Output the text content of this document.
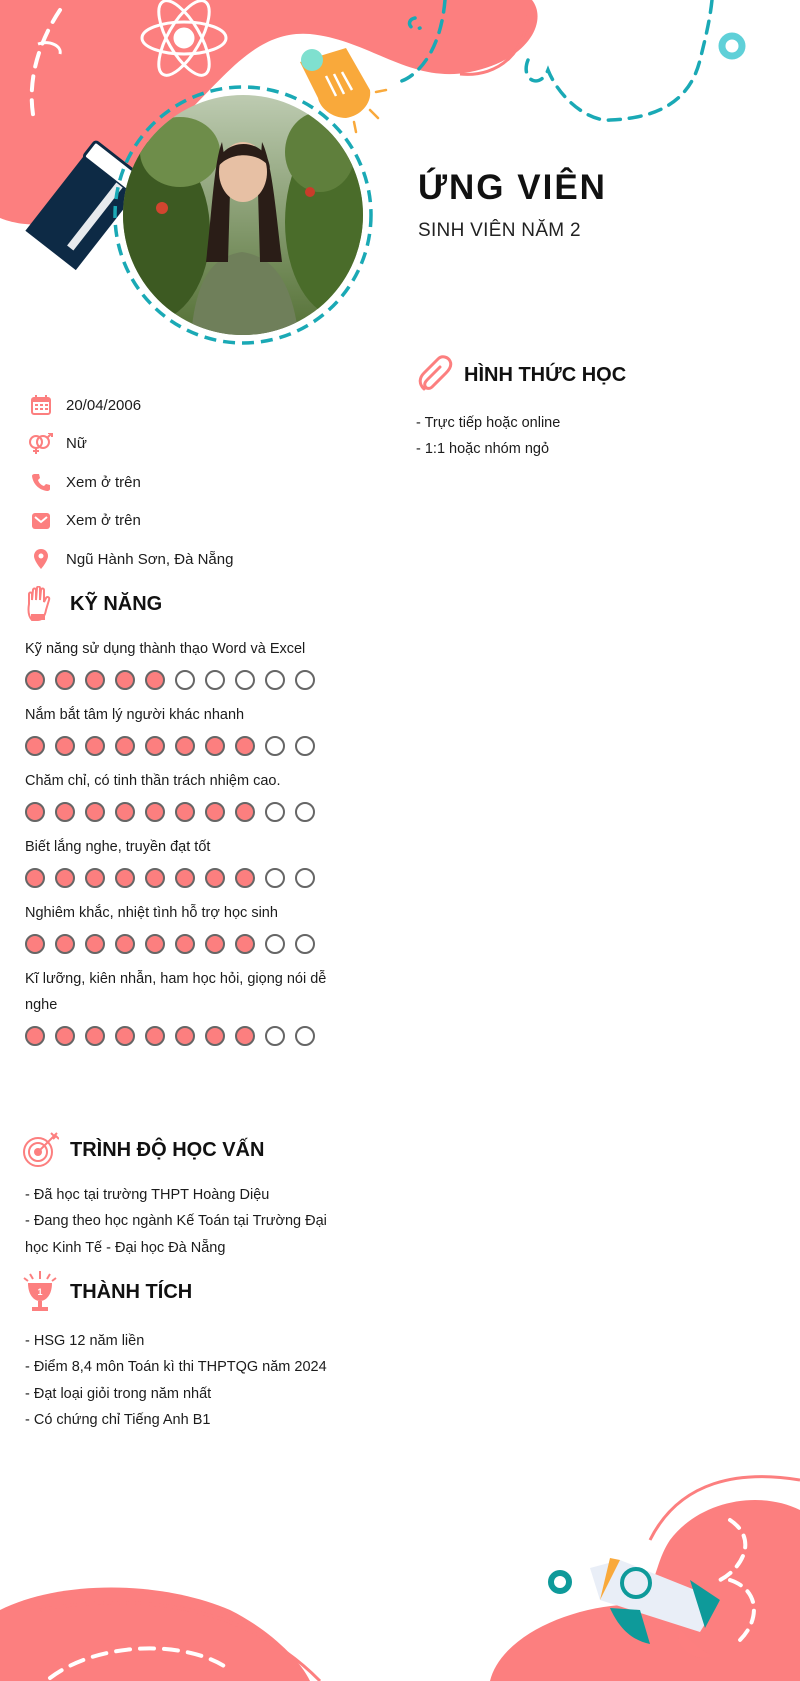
ỨNG VIÊN
SINH VIÊN NĂM 2
20/04/2006
Nữ
Xem ở trên
Xem ở trên
Ngũ Hành Sơn, Đà Nẵng
HÌNH THỨC HỌC
- Trực tiếp hoặc online
- 1:1 hoặc nhóm ngỏ
KỸ NĂNG
Kỹ năng sử dụng thành thạo Word và Excel
Nắm bắt tâm lý người khác nhanh
Chăm chỉ, có tinh thần trách nhiệm cao.
Biết lắng nghe, truyền đạt tốt
Nghiêm khắc, nhiệt tình hỗ trợ học sinh
Kĩ lưỡng, kiên nhẫn, ham học hỏi, giọng nói dễ nghe
TRÌNH ĐỘ HỌC VẤN
- Đã học tại trường THPT Hoàng Diệu
- Đang theo học ngành Kế Toán tại Trường Đại học Kinh Tế - Đại học Đà Nẵng
1 THÀNH TÍCH
- HSG 12 năm liền
- Điểm 8,4 môn Toán kì thi THPTQG năm 2024
- Đạt loại giỏi trong năm nhất
- Có chứng chỉ Tiếng Anh B1
